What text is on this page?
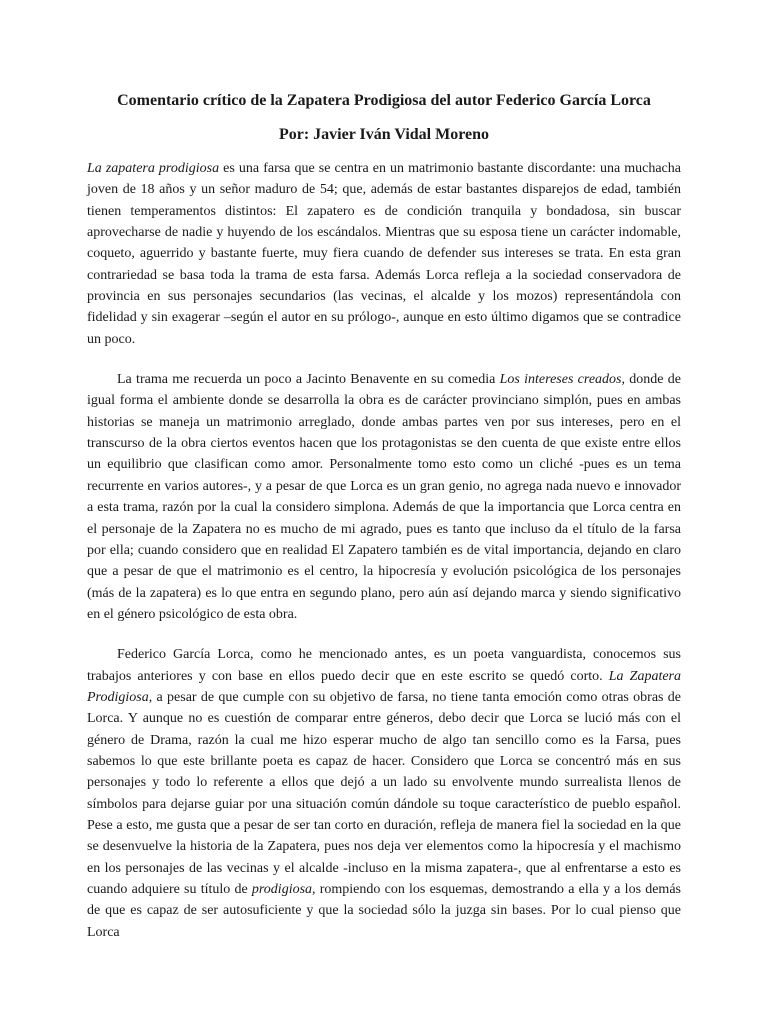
Comentario crítico de la Zapatera Prodigiosa del autor Federico García Lorca
Por: Javier Iván Vidal Moreno

La zapatera prodigiosa es una farsa que se centra en un matrimonio bastante discordante: una muchacha joven de 18 años y un señor maduro de 54; que, además de estar bastantes disparejos de edad, también tienen temperamentos distintos: El zapatero es de condición tranquila y bondadosa, sin buscar aprovecharse de nadie y huyendo de los escándalos. Mientras que su esposa tiene un carácter indomable, coqueto, aguerrido y bastante fuerte, muy fiera cuando de defender sus intereses se trata. En esta gran contrariedad se basa toda la trama de esta farsa. Además Lorca refleja a la sociedad conservadora de provincia en sus personajes secundarios (las vecinas, el alcalde y los mozos) representándola con fidelidad y sin exagerar –según el autor en su prólogo-, aunque en esto último digamos que se contradice un poco.

La trama me recuerda un poco a Jacinto Benavente en su comedia Los intereses creados, donde de igual forma el ambiente donde se desarrolla la obra es de carácter provinciano simplón, pues en ambas historias se maneja un matrimonio arreglado, donde ambas partes ven por sus intereses, pero en el transcurso de la obra ciertos eventos hacen que los protagonistas se den cuenta de que existe entre ellos un equilibrio que clasifican como amor. Personalmente tomo esto como un cliché -pues es un tema recurrente en varios autores-, y a pesar de que Lorca es un gran genio, no agrega nada nuevo e innovador a esta trama, razón por la cual la considero simplona. Además de que la importancia que Lorca centra en el personaje de la Zapatera no es mucho de mi agrado, pues es tanto que incluso da el título de la farsa por ella; cuando considero que en realidad El Zapatero también es de vital importancia, dejando en claro que a pesar de que el matrimonio es el centro, la hipocresía y evolución psicológica de los personajes (más de la zapatera) es lo que entra en segundo plano, pero aún así dejando marca y siendo significativo en el género psicológico de esta obra.

Federico García Lorca, como he mencionado antes, es un poeta vanguardista, conocemos sus trabajos anteriores y con base en ellos puedo decir que en este escrito se quedó corto. La Zapatera Prodigiosa, a pesar de que cumple con su objetivo de farsa, no tiene tanta emoción como otras obras de Lorca. Y aunque no es cuestión de comparar entre géneros, debo decir que Lorca se lució más con el género de Drama, razón la cual me hizo esperar mucho de algo tan sencillo como es la Farsa, pues sabemos lo que este brillante poeta es capaz de hacer. Considero que Lorca se concentró más en sus personajes y todo lo referente a ellos que dejó a un lado su envolvente mundo surrealista llenos de símbolos para dejarse guiar por una situación común dándole su toque característico de pueblo español. Pese a esto, me gusta que a pesar de ser tan corto en duración, refleja de manera fiel la sociedad en la que se desenvuelve la historia de la Zapatera, pues nos deja ver elementos como la hipocresía y el machismo en los personajes de las vecinas y el alcalde -incluso en la misma zapatera-, que al enfrentarse a esto es cuando adquiere su título de prodigiosa, rompiendo con los esquemas, demostrando a ella y a los demás de que es capaz de ser autosuficiente y que la sociedad sólo la juzga sin bases. Por lo cual pienso que Lorca
